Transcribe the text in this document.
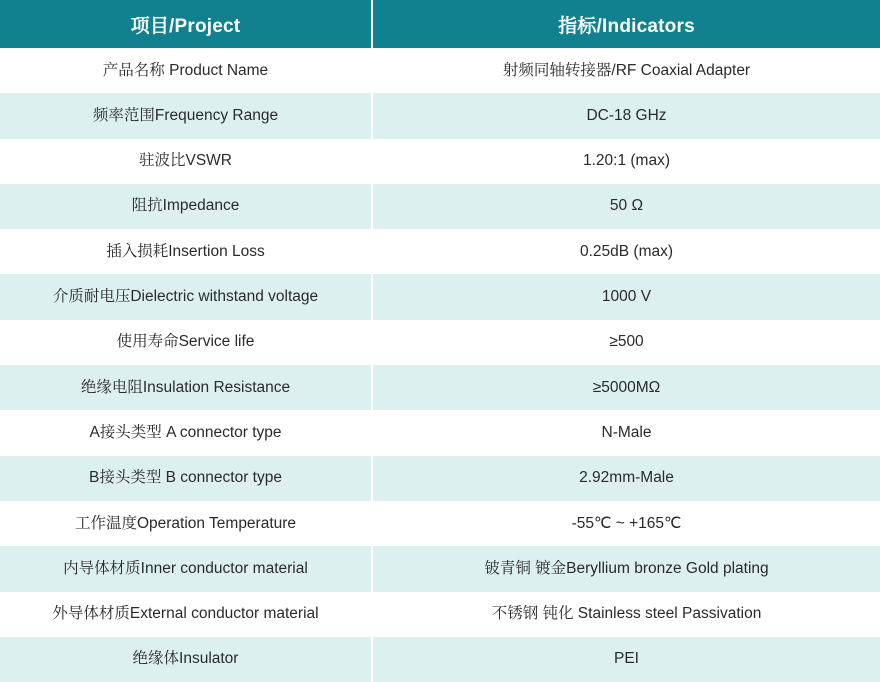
项目/Project	指标/Indicators
产品名称 Product Name	射频同轴转接器/RF Coaxial Adapter
频率范围Frequency Range	DC-18 GHz
驻波比VSWR	1.20:1 (max)
阻抗Impedance	50 Ω
插入损耗Insertion Loss	0.25dB (max)
介质耐电压Dielectric withstand voltage	1000 V
使用寿命Service life	≥500
绝缘电阻Insulation Resistance	≥5000MΩ
A接头类型 A connector type	N-Male
B接头类型 B connector type	2.92mm-Male
工作温度Operation Temperature	-55℃ ~ +165℃
内导体材质Inner conductor material	铍青铜 镀金Beryllium bronze Gold plating
外导体材质External conductor material	不锈钢 钝化 Stainless steel Passivation
绝缘体Insulator	PEI
